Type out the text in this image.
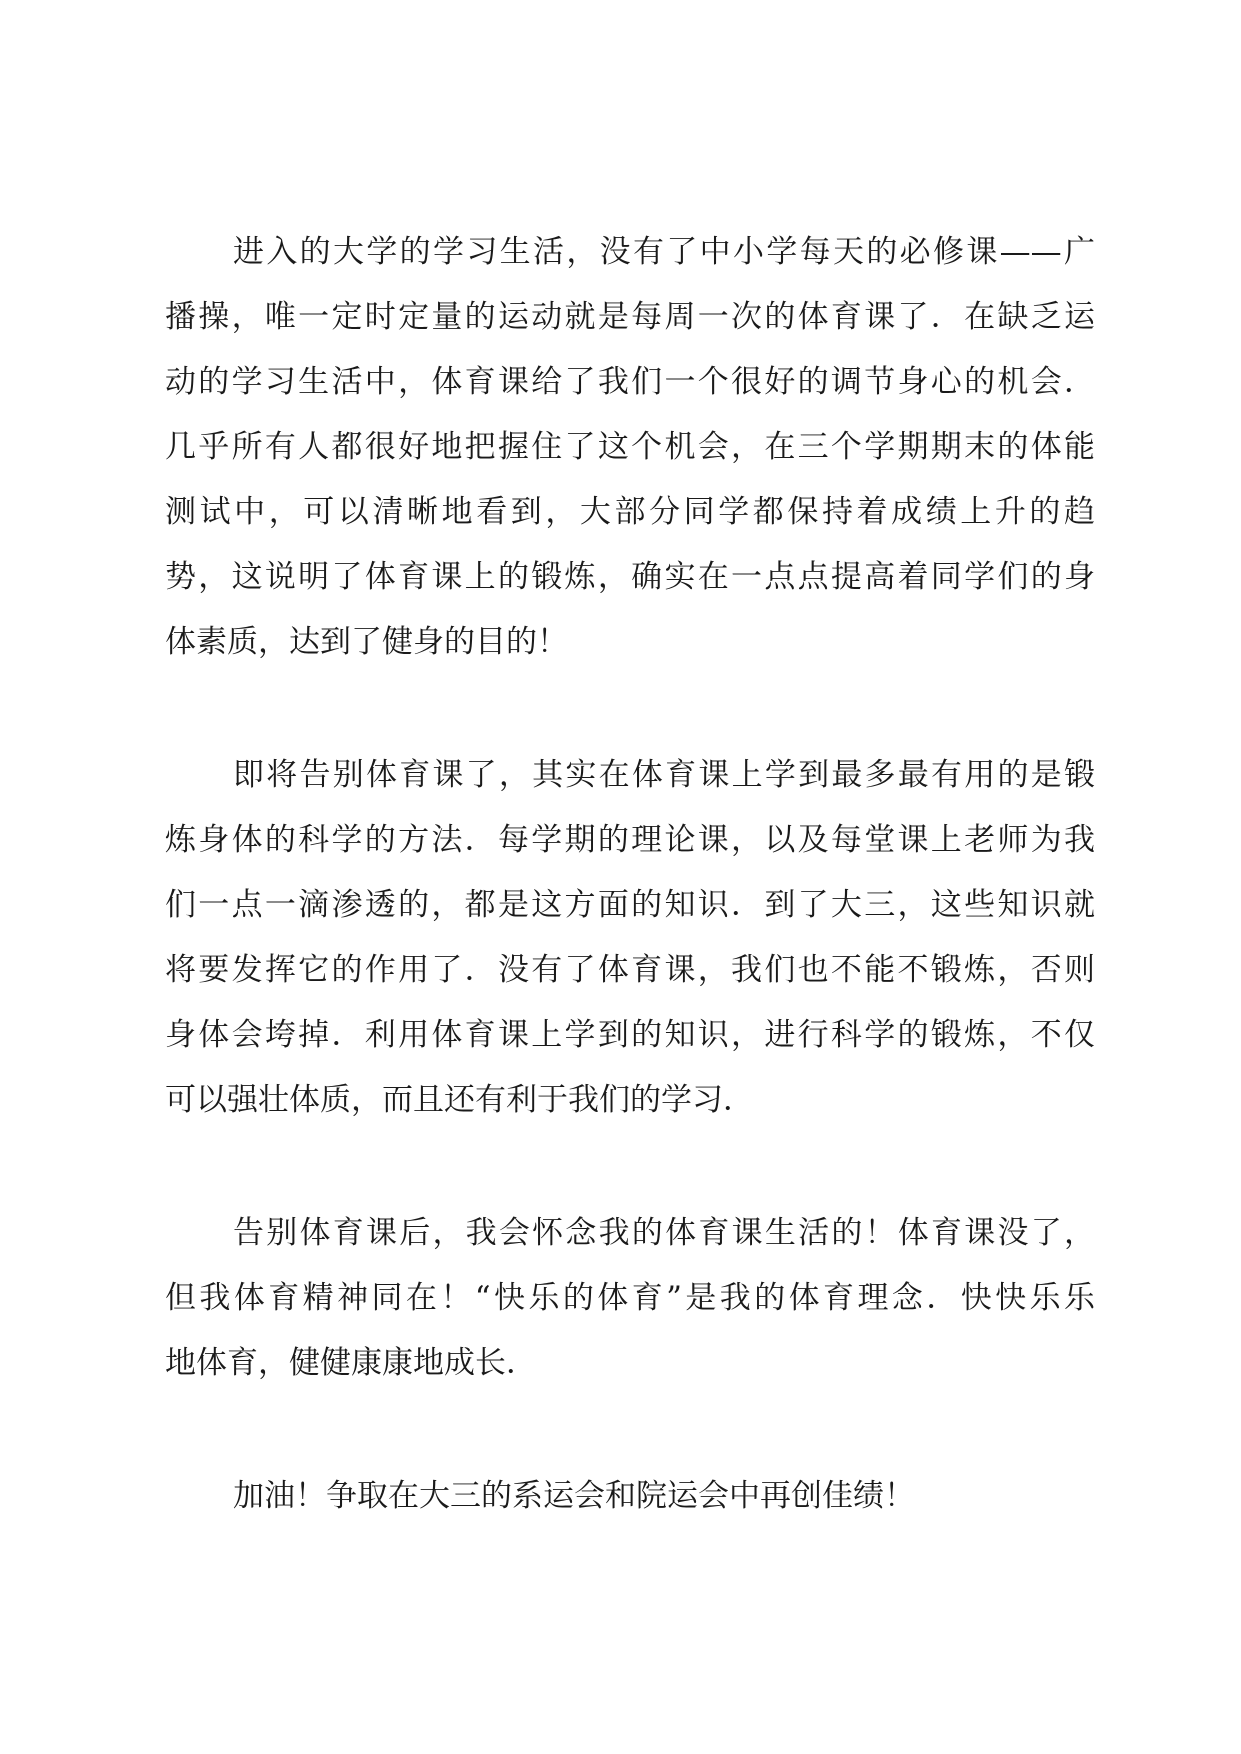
进入的大学的学习生活，没有了中小学每天的必修课——广

播操，唯一定时定量的运动就是每周一次的体育课了．在缺乏运

动的学习生活中，体育课给了我们一个很好的调节身心的机会．

几乎所有人都很好地把握住了这个机会，在三个学期期末的体能

测试中，可以清晰地看到，大部分同学都保持着成绩上升的趋

势，这说明了体育课上的锻炼，确实在一点点提高着同学们的身

体素质，达到了健身的目的！

即将告别体育课了，其实在体育课上学到最多最有用的是锻

炼身体的科学的方法．每学期的理论课，以及每堂课上老师为我

们一点一滴渗透的，都是这方面的知识．到了大三，这些知识就

将要发挥它的作用了．没有了体育课，我们也不能不锻炼，否则

身体会垮掉．利用体育课上学到的知识，进行科学的锻炼，不仅

可以强壮体质，而且还有利于我们的学习．

告别体育课后，我会怀念我的体育课生活的！体育课没了，

但我体育精神同在！“快乐的体育”是我的体育理念．快快乐乐

地体育，健健康康地成长．

加油！争取在大三的系运会和院运会中再创佳绩！
